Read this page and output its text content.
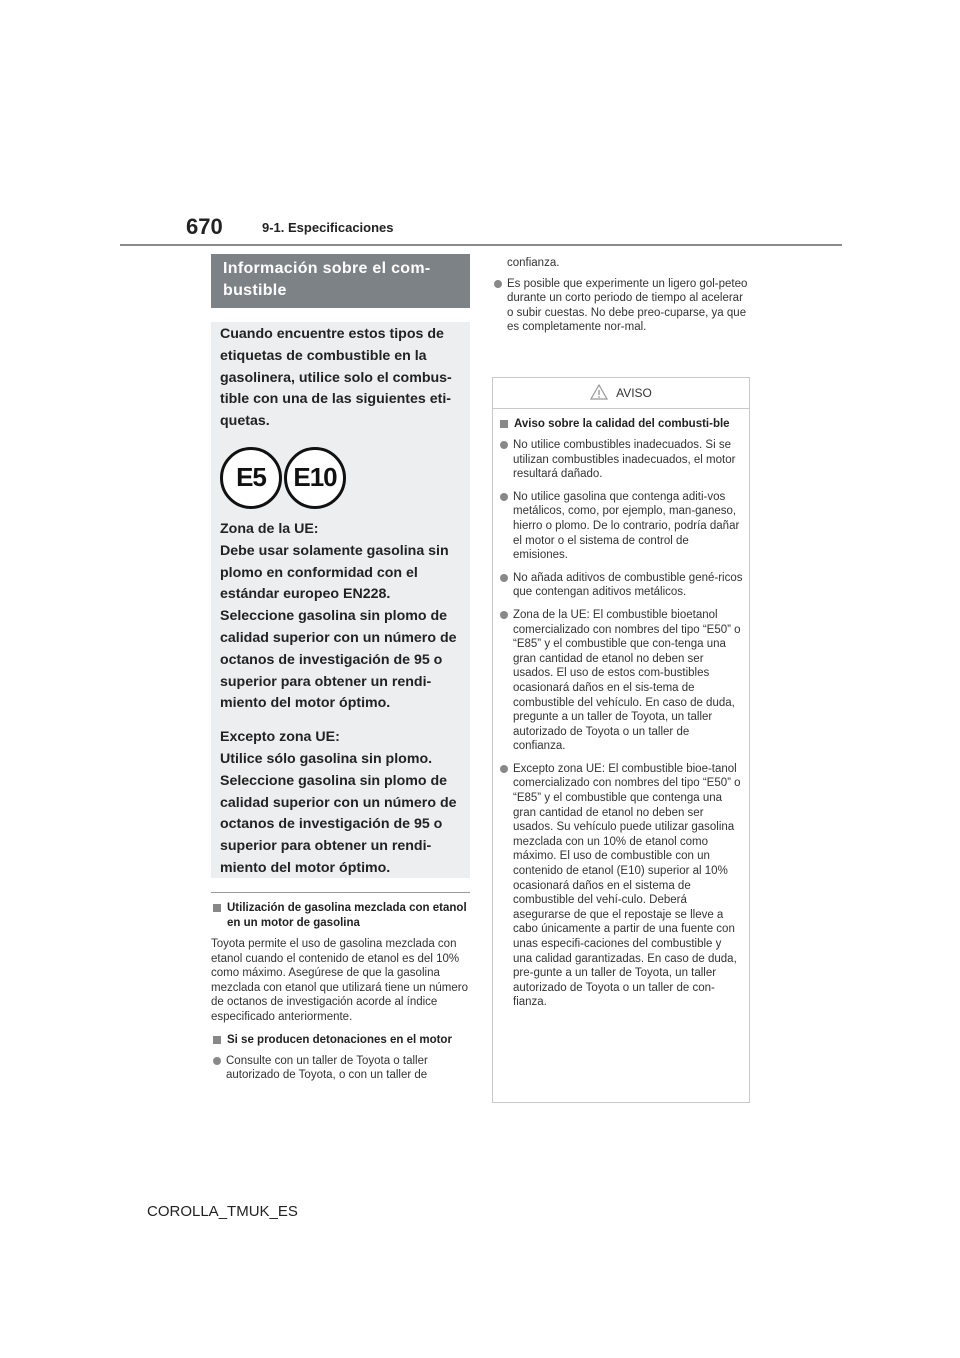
670	9-1. Especificaciones
Información sobre el com-
bustible

Cuando encuentre estos tipos de etiquetas de combustible en la gasolinera, utilice solo el combus-tible con una de las siguientes eti-quetas.

E5	E10

Zona de la UE:
Debe usar solamente gasolina sin plomo en conformidad con el estándar europeo EN228.
Seleccione gasolina sin plomo de calidad superior con un número de octanos de investigación de 95 o superior para obtener un rendi-miento del motor óptimo.

Excepto zona UE:
Utilice sólo gasolina sin plomo.
Seleccione gasolina sin plomo de calidad superior con un número de octanos de investigación de 95 o superior para obtener un rendi-miento del motor óptimo.

Utilización de gasolina mezclada con etanol en un motor de gasolina

Toyota permite el uso de gasolina mezclada con etanol cuando el contenido de etanol es del 10% como máximo. Asegúrese de que la gasolina mezclada con etanol que utilizará tiene un número de octanos de investigación acorde al índice especificado anteriormente.

Si se producen detonaciones en el motor
Consulte con un taller de Toyota o taller autorizado de Toyota, o con un taller de
confianza.
Es posible que experimente un ligero gol-peteo durante un corto periodo de tiempo al acelerar o subir cuestas. No debe preo-cuparse, ya que es completamente nor-mal.
AVISO
Aviso sobre la calidad del combusti-ble
No utilice combustibles inadecuados. Si se utilizan combustibles inadecuados, el motor resultará dañado.
No utilice gasolina que contenga aditi-vos metálicos, como, por ejemplo, man-ganeso, hierro o plomo. De lo contrario, podría dañar el motor o el sistema de control de emisiones.
No añada aditivos de combustible gené-ricos que contengan aditivos metálicos.
Zona de la UE: El combustible bioetanol comercializado con nombres del tipo “E50” o “E85” y el combustible que con-tenga una gran cantidad de etanol no deben ser usados. El uso de estos com-bustibles ocasionará daños en el sis-tema de combustible del vehículo. En caso de duda, pregunte a un taller de Toyota, un taller autorizado de Toyota o un taller de confianza.
Excepto zona UE: El combustible bioe-tanol comercializado con nombres del tipo “E50” o “E85” y el combustible que contenga una gran cantidad de etanol no deben ser usados. Su vehículo puede utilizar gasolina mezclada con un 10% de etanol como máximo. El uso de combustible con un contenido de etanol (E10) superior al 10% ocasionará daños en el sistema de combustible del vehí-culo. Deberá asegurarse de que el repostaje se lleve a cabo únicamente a partir de una fuente con unas especifi-caciones del combustible y una calidad garantizadas. En caso de duda, pre-gunte a un taller de Toyota, un taller autorizado de Toyota o un taller de con-fianza.
COROLLA_TMUK_ES
